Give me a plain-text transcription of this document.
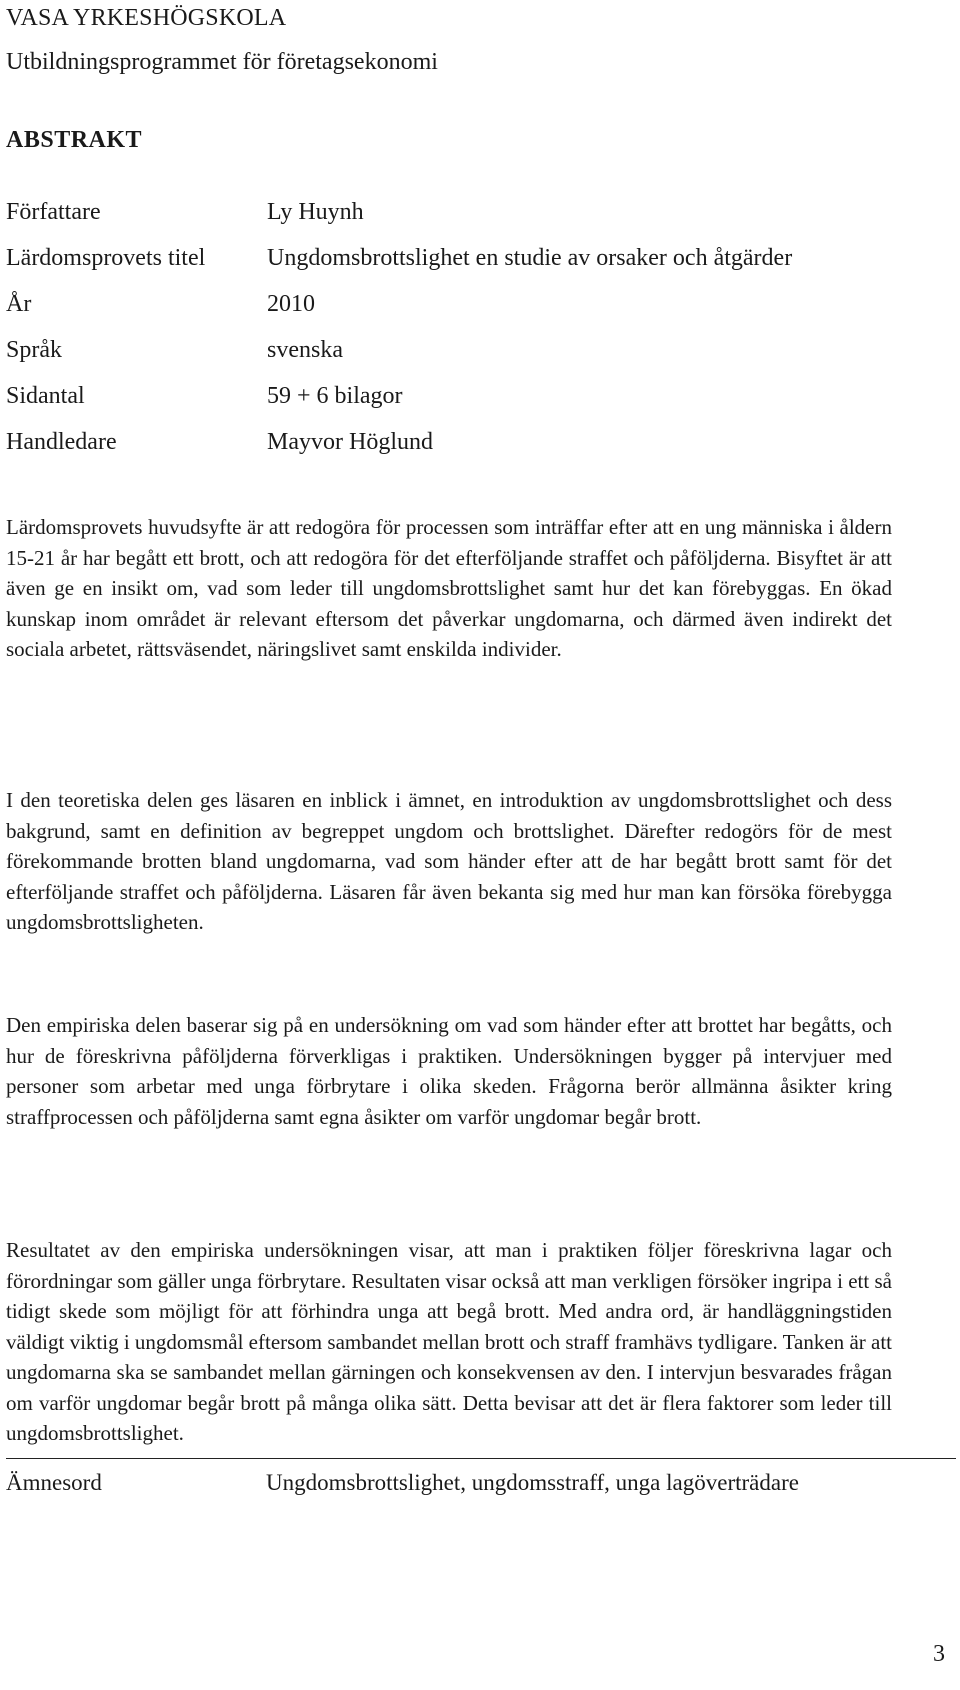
VASA YRKESHÖGSKOLA
Utbildningsprogrammet för företagsekonomi
ABSTRAKT
Författare	Ly Huynh
Lärdomsprovets titel	Ungdomsbrottslighet en studie av orsaker och åtgärder
År	2010
Språk	svenska
Sidantal	59 + 6 bilagor
Handledare	Mayvor Höglund

Lärdomsprovets huvudsyfte är att redogöra för processen som inträffar efter att en ung människa i åldern 15-21 år har begått ett brott, och att redogöra för det efterföljande straffet och påföljderna. Bisyftet är att även ge en insikt om, vad som leder till ungdomsbrottslighet samt hur det kan förebyggas. En ökad kunskap inom området är relevant eftersom det påverkar ungdomarna, och därmed även indirekt det sociala arbetet, rättsväsendet, näringslivet samt enskilda individer.

I den teoretiska delen ges läsaren en inblick i ämnet, en introduktion av ungdomsbrottslighet och dess bakgrund, samt en definition av begreppet ungdom och brottslighet. Därefter redogörs för de mest förekommande brotten bland ungdomarna, vad som händer efter att de har begått brott samt för det efterföljande straffet och påföljderna. Läsaren får även bekanta sig med hur man kan försöka förebygga ungdomsbrottsligheten.

Den empiriska delen baserar sig på en undersökning om vad som händer efter att brottet har begåtts, och hur de föreskrivna påföljderna förverkligas i praktiken. Undersökningen bygger på intervjuer med personer som arbetar med unga förbrytare i olika skeden. Frågorna berör allmänna åsikter kring straffprocessen och påföljderna samt egna åsikter om varför ungdomar begår brott.

Resultatet av den empiriska undersökningen visar, att man i praktiken följer föreskrivna lagar och förordningar som gäller unga förbrytare. Resultaten visar också att man verkligen försöker ingripa i ett så tidigt skede som möjligt för att förhindra unga att begå brott. Med andra ord, är handläggningstiden väldigt viktig i ungdomsmål eftersom sambandet mellan brott och straff framhävs tydligare. Tanken är att ungdomarna ska se sambandet mellan gärningen och konsekvensen av den. I intervjun besvarades frågan om varför ungdomar begår brott på många olika sätt. Detta bevisar att det är flera faktorer som leder till ungdomsbrottslighet.

Ämnesord	Ungdomsbrottslighet, ungdomsstraff, unga lagöverträdare
3
